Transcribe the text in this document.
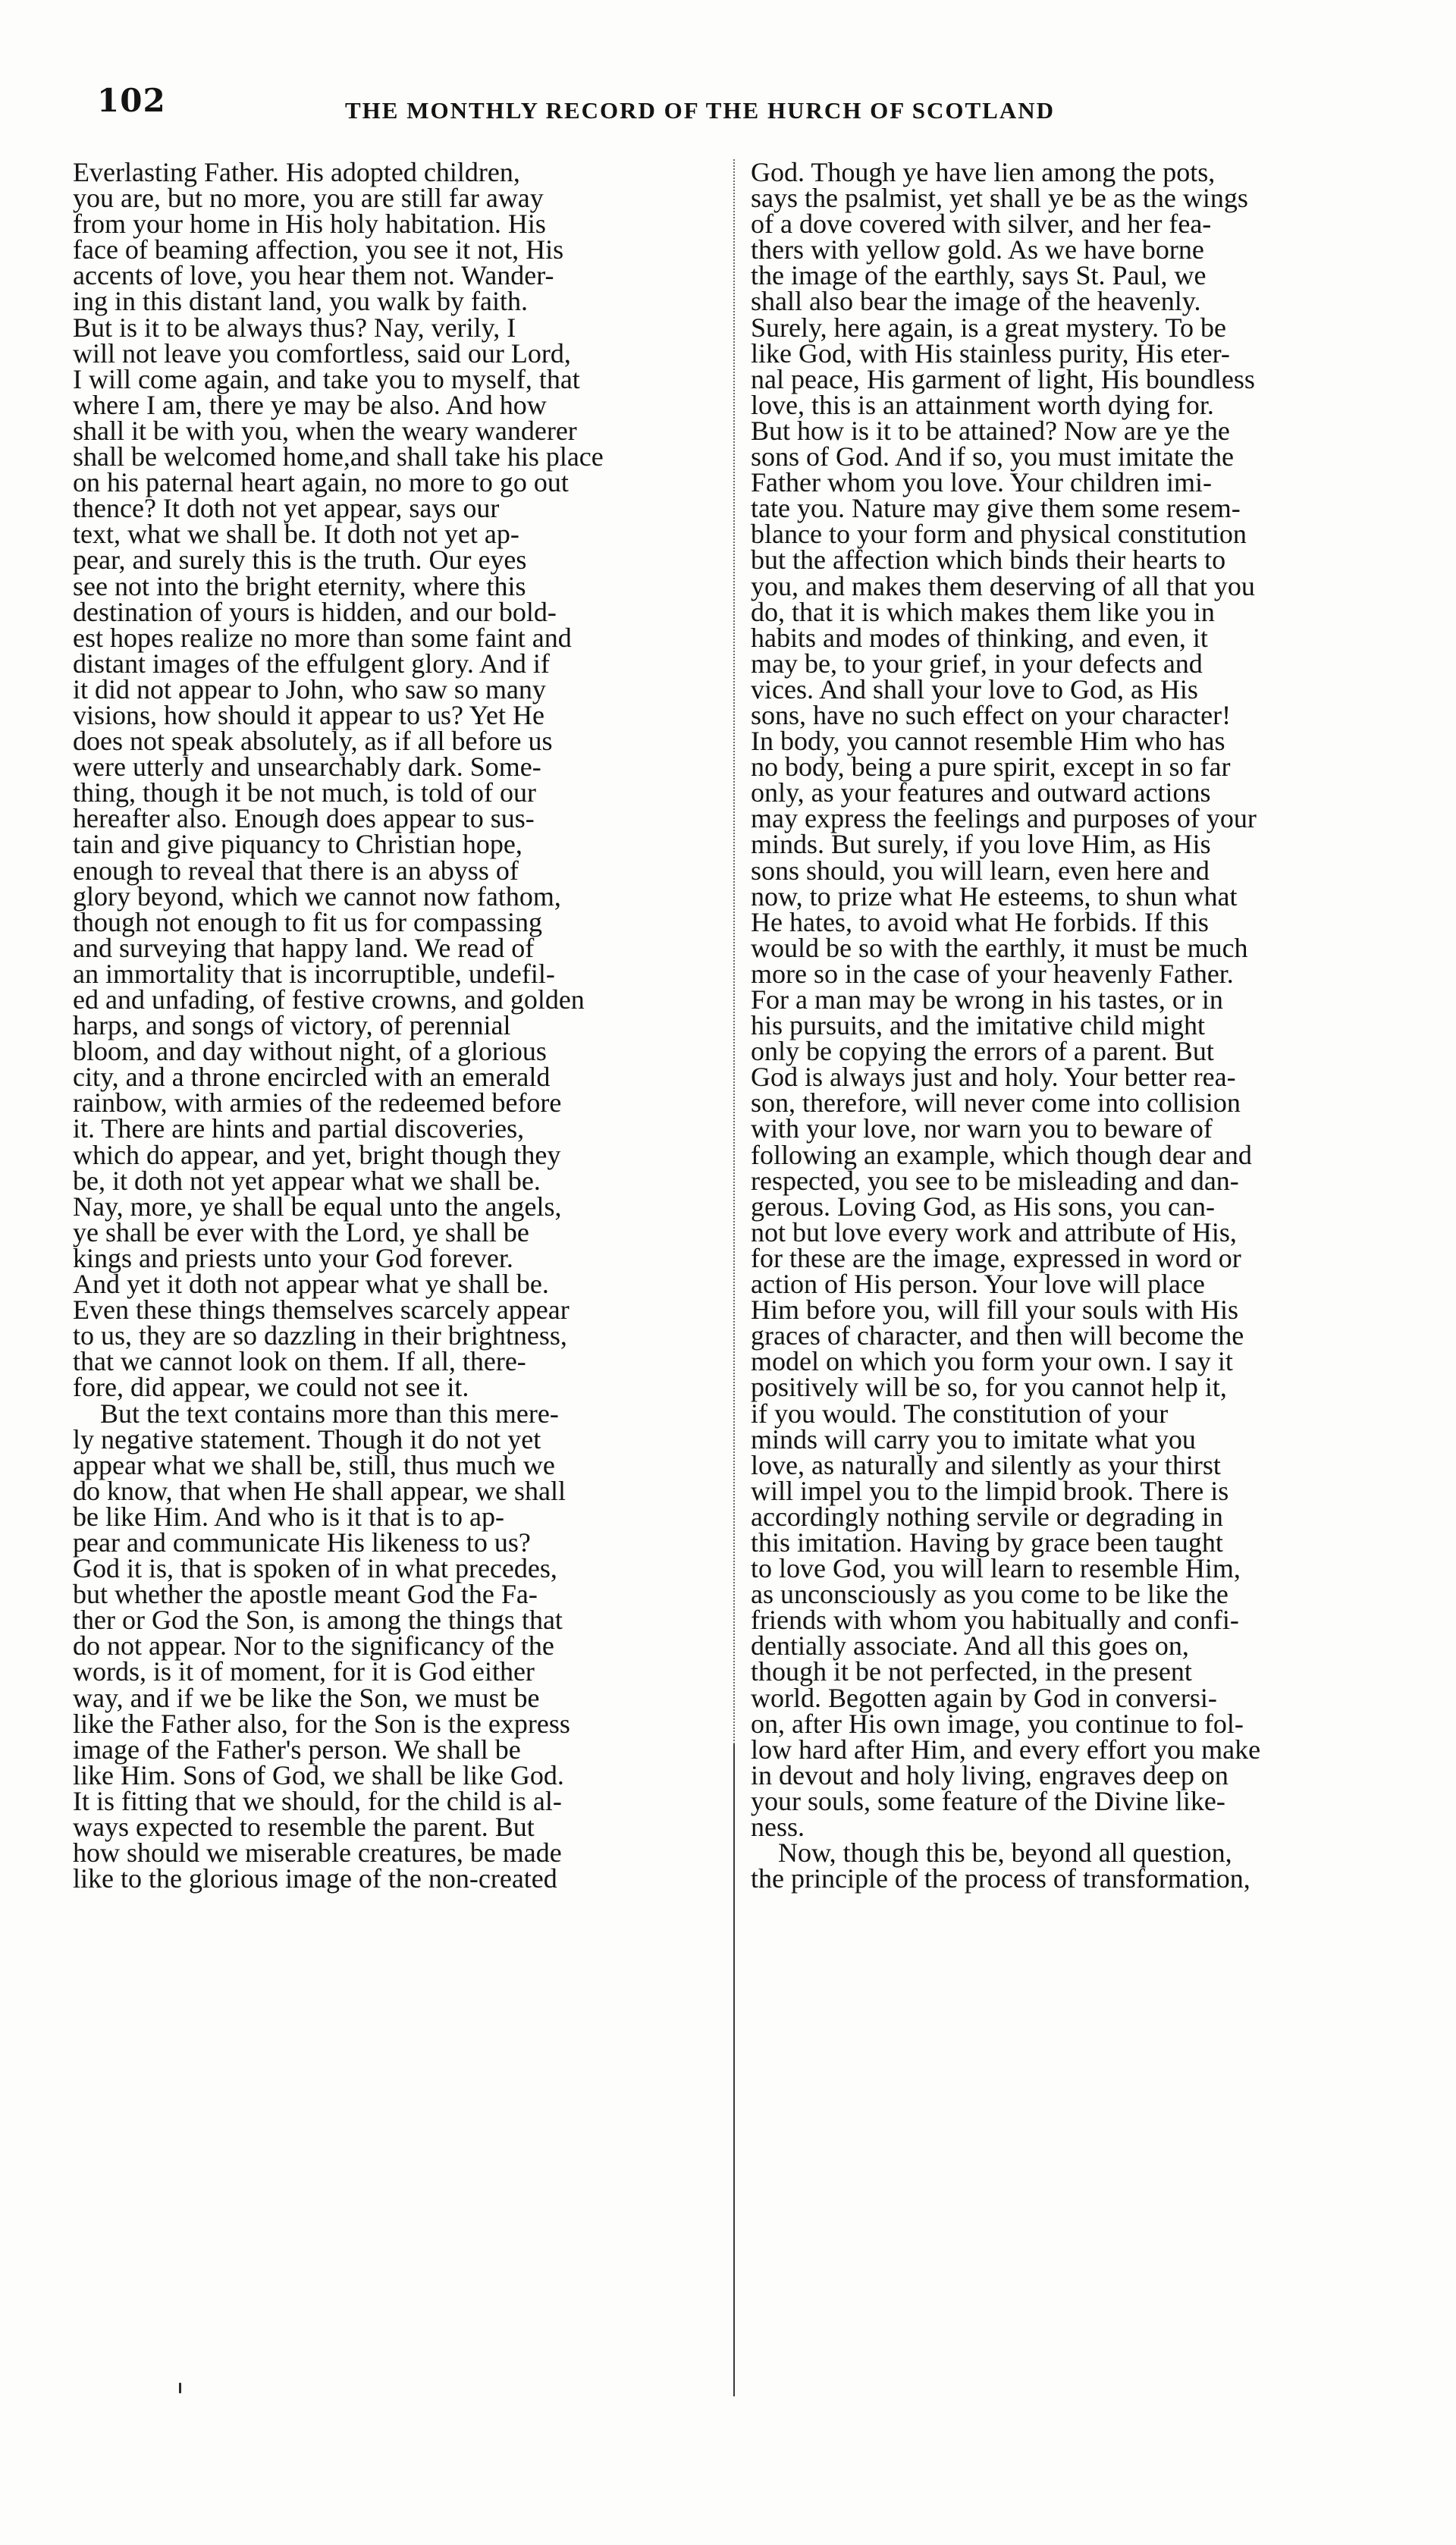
102	THE MONTHLY RECORD OF THE HURCH OF SCOTLAND
Everlasting Father. His adopted children,
you are, but no more, you are still far away
from your home in His holy habitation. His
face of beaming affection, you see it not, His
accents of love, you hear them not. Wander-
ing in this distant land, you walk by faith.
But is it to be always thus? Nay, verily, I
will not leave you comfortless, said our Lord,
I will come again, and take you to myself, that
where I am, there ye may be also. And how
shall it be with you, when the weary wanderer
shall be welcomed home,and shall take his place
on his paternal heart again, no more to go out
thence? It doth not yet appear, says our
text, what we shall be. It doth not yet ap-
pear, and surely this is the truth. Our eyes
see not into the bright eternity, where this
destination of yours is hidden, and our bold-
est hopes realize no more than some faint and
distant images of the effulgent glory. And if
it did not appear to John, who saw so many
visions, how should it appear to us? Yet He
does not speak absolutely, as if all before us
were utterly and unsearchably dark. Some-
thing, though it be not much, is told of our
hereafter also. Enough does appear to sus-
tain and give piquancy to Christian hope,
enough to reveal that there is an abyss of
glory beyond, which we cannot now fathom,
though not enough to fit us for compassing
and surveying that happy land. We read of
an immortality that is incorruptible, undefil-
ed and unfading, of festive crowns, and golden
harps, and songs of victory, of perennial
bloom, and day without night, of a glorious
city, and a throne encircled with an emerald
rainbow, with armies of the redeemed before
it. There are hints and partial discoveries,
which do appear, and yet, bright though they
be, it doth not yet appear what we shall be.
Nay, more, ye shall be equal unto the angels,
ye shall be ever with the Lord, ye shall be
kings and priests unto your God forever.
And yet it doth not appear what ye shall be.
Even these things themselves scarcely appear
to us, they are so dazzling in their brightness,
that we cannot look on them. If all, there-
fore, did appear, we could not see it.
But the text contains more than this mere-
ly negative statement. Though it do not yet
appear what we shall be, still, thus much we
do know, that when He shall appear, we shall
be like Him. And who is it that is to ap-
pear and communicate His likeness to us?
God it is, that is spoken of in what precedes,
but whether the apostle meant God the Fa-
ther or God the Son, is among the things that
do not appear. Nor to the significancy of the
words, is it of moment, for it is God either
way, and if we be like the Son, we must be
like the Father also, for the Son is the express
image of the Father's person. We shall be
like Him. Sons of God, we shall be like God.
It is fitting that we should, for the child is al-
ways expected to resemble the parent. But
how should we miserable creatures, be made
like to the glorious image of the non-created
God. Though ye have lien among the pots,
says the psalmist, yet shall ye be as the wings
of a dove covered with silver, and her fea-
thers with yellow gold. As we have borne
the image of the earthly, says St. Paul, we
shall also bear the image of the heavenly.
Surely, here again, is a great mystery. To be
like God, with His stainless purity, His eter-
nal peace, His garment of light, His boundless
love, this is an attainment worth dying for.
But how is it to be attained? Now are ye the
sons of God. And if so, you must imitate the
Father whom you love. Your children imi-
tate you. Nature may give them some resem-
blance to your form and physical constitution
but the affection which binds their hearts to
you, and makes them deserving of all that you
do, that it is which makes them like you in
habits and modes of thinking, and even, it
may be, to your grief, in your defects and
vices. And shall your love to God, as His
sons, have no such effect on your character!
In body, you cannot resemble Him who has
no body, being a pure spirit, except in so far
only, as your features and outward actions
may express the feelings and purposes of your
minds. But surely, if you love Him, as His
sons should, you will learn, even here and
now, to prize what He esteems, to shun what
He hates, to avoid what He forbids. If this
would be so with the earthly, it must be much
more so in the case of your heavenly Father.
For a man may be wrong in his tastes, or in
his pursuits, and the imitative child might
only be copying the errors of a parent. But
God is always just and holy. Your better rea-
son, therefore, will never come into collision
with your love, nor warn you to beware of
following an example, which though dear and
respected, you see to be misleading and dan-
gerous. Loving God, as His sons, you can-
not but love every work and attribute of His,
for these are the image, expressed in word or
action of His person. Your love will place
Him before you, will fill your souls with His
graces of character, and then will become the
model on which you form your own. I say it
positively will be so, for you cannot help it,
if you would. The constitution of your
minds will carry you to imitate what you
love, as naturally and silently as your thirst
will impel you to the limpid brook. There is
accordingly nothing servile or degrading in
this imitation. Having by grace been taught
to love God, you will learn to resemble Him,
as unconsciously as you come to be like the
friends with whom you habitually and confi-
dentially associate. And all this goes on,
though it be not perfected, in the present
world. Begotten again by God in conversi-
on, after His own image, you continue to fol-
low hard after Him, and every effort you make
in devout and holy living, engraves deep on
your souls, some feature of the Divine like-
ness.
Now, though this be, beyond all question,
the principle of the process of transformation,
